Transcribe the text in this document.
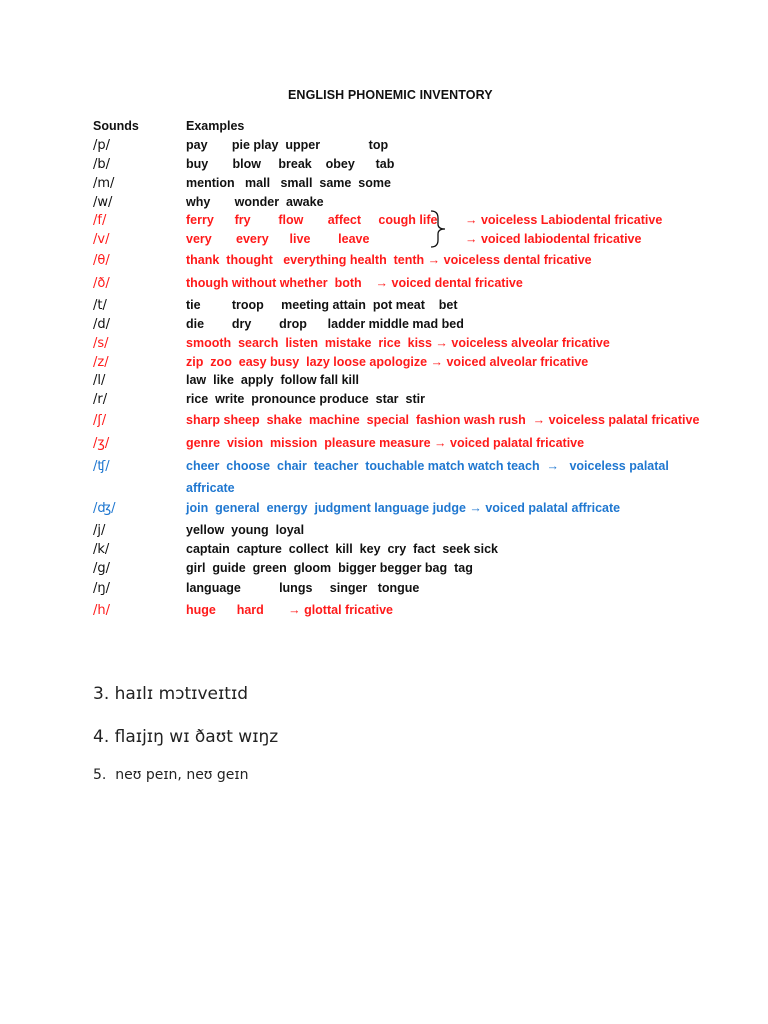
ENGLISH PHONEMIC INVENTORY
Sounds	Examples

/p/

	pay       pie play  upper              top

/b/

	buy       blow     break    obey      tab

/m/

	mention   mall   small  same  some

/w/

	why       wonder  awake

/f/

	ferry      fry        flow       affect     cough life

→ voiceless Labiodental fricative

/v/

	very       every      live        leave

	→ voiced labiodental fricative

/θ/

	thank  thought   everything health  tenth → voiceless dental fricative

/ð/

	though without whether  both    → voiced dental fricative

/t/

	tie         troop     meeting attain  pot meat    bet

/d/

	die        dry        drop      ladder middle mad bed

/s/

	smooth  search  listen  mistake  rice  kiss → voiceless alveolar fricative

/z/

	zip  zoo  easy busy  lazy loose apologize → voiced alveolar fricative

/l/

	law  like  apply  follow fall kill

/r/

	rice  write  pronounce produce  star  stir

/ʃ/

	sharp sheep  shake  machine  special  fashion wash rush  → voiceless palatal fricative

/ʒ/

	genre  vision  mission  pleasure measure → voiced palatal fricative

/ʧ/

	cheer  choose  chair  teacher  touchable match watch teach  →   voiceless palatal

affricate

/ʤ/

	join  general  energy  judgment language judge → voiced palatal affricate

/j/

	yellow  young  loyal

/k/

	captain  capture  collect  kill  key  cry  fact  seek sick

/g/

	girl  guide  green  gloom  bigger begger bag  tag

/ŋ/

	language           lungs     singer   tongue

/h/

	huge      hard       → glottal fricative

3. haɪlɪ mɔtɪveɪtɪd
4. flaɪjɪŋ wɪ ðaʊt wɪŋz
5.  neʊ peɪn, neʊ geɪn
